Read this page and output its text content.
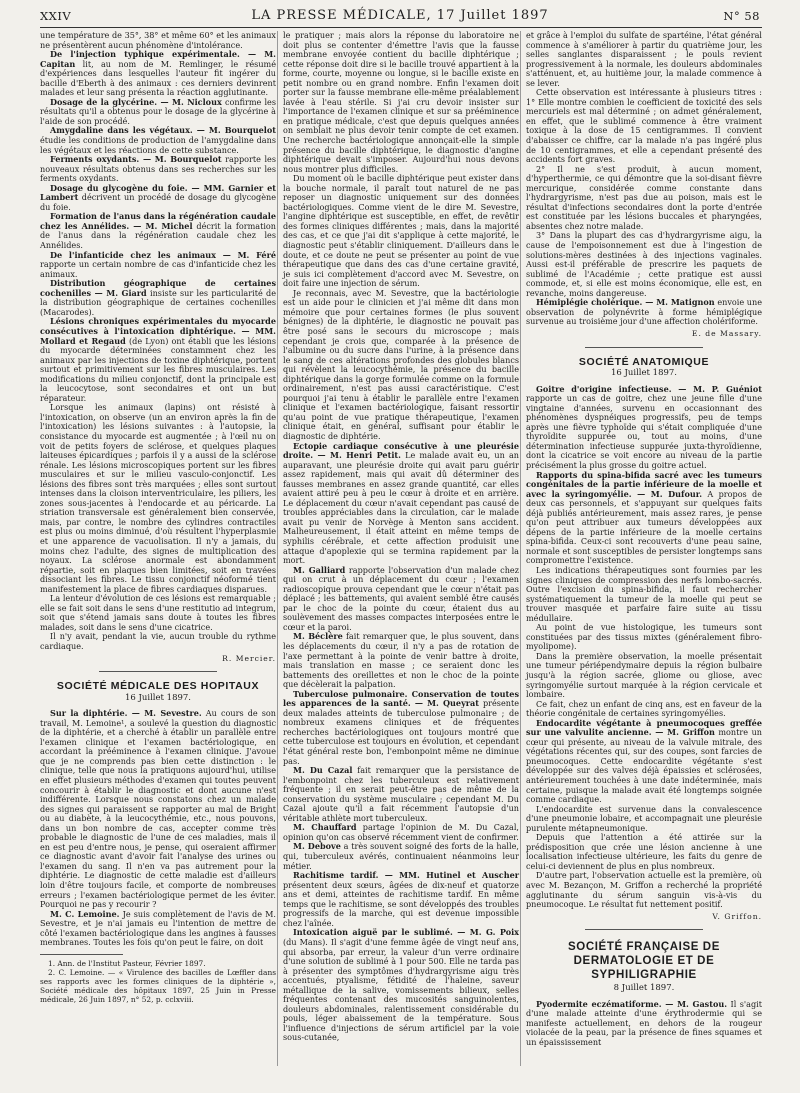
XXIV	LA PRESSE MÉDICALE, 17 Juillet 1897	N° 58

une température de 35°, 38° et même 60° et les animaux ne présentèrent aucun phénomène d'intolérance.

De l'injection typhique expérimentale. — M. Capitan lit, au nom de M. Remlinger, le résumé d'expériences dans lesquelles l'auteur fit ingérer du bacille d'Eberth à des animaux : ces derniers devinrent malades et leur sang présenta la réaction agglutinante.

Dosage de la glycérine. — M. Nicloux confirme les résultats qu'il a obtenus pour le dosage de la glycérine à l'aide de son procédé.

Amygdaline dans les végétaux. — M. Bourquelot étudie les conditions de production de l'amygdaline dans les végétaux et les réactions de cette substance.

Ferments oxydants. — M. Bourquelot rapporte les nouveaux résultats obtenus dans ses recherches sur les ferments oxydants.

Dosage du glycogène du foie. — MM. Garnier et Lambert décrivent un procédé de dosage du glycogène du foie.

Formation de l'anus dans la régénération caudale chez les Annélides. — M. Michel décrit la formation de l'anus dans la régénération caudale chez les Annélides.

De l'infanticide chez les animaux — M. Féré rapporte un certain nombre de cas d'infanticide chez les animaux.

Distribution géographique de certaines cochenilles — M. Giard insiste sur les particularité de la distribution géographique de certaines cochenilles (Macarodes).

Lésions chroniques expérimentales du myocarde consécutives à l'intoxication diphtérique. — MM. Mollard et Regaud (de Lyon) ont établi que les lésions du myocarde déterminées constamment chez les animaux par les injections de toxine diphtérique, portent surtout et primitivement sur les fibres musculaires. Les modifications du milieu conjonctif, dont la principale est la leucocytose, sont secondaires et ont un but réparateur.

Lorsque les animaux (lapins) ont résisté à l'intoxication, on observe (un an environ après la fin de l'intoxication) les lésions suivantes : à l'autopsie, la consistance du myocarde est augmentée ; à l'œil nu on voit de petits foyers de sclérose, et quelques plaques laiteuses épicardiques ; parfois il y a aussi de la sclérose rénale. Les lésions microscopiques portent sur les fibres musculaires et sur le milieu vasculo-conjonctif. Les lésions des fibres sont très marquées ; elles sont surtout intenses dans la cloison interventriculaire, les piliers, les zones sous-jacentes à l'endocarde et au péricarde. La striation transversale est généralement bien conservée, mais, par contre, le nombre des cylindres contractiles est plus ou moins diminué, d'où résultent l'hyperplasmie et une apparence de vacuolisation. Il n'y a jamais, du moins chez l'adulte, des signes de multiplication des noyaux. La sclérose anormale est abondamment répartie, soit en plaques bien limitées, soit en travées dissociant les fibres. Le tissu conjonctif néoformé tient manifestement la place de fibres cardiaques disparues.

La lenteur d'évolution de ces lésions est remarquable ; elle se fait soit dans le sens d'une restitutio ad integrum, soit que s'étend jamais sans doute à toutes les fibres malades, soit dans le sens d'une cicatrice.

Il n'y avait, pendant la vie, aucun trouble du rythme cardiaque.

R. Mercier.
SOCIÉTÉ MÉDICALE DES HOPITAUX
16 Juillet 1897.

Sur la diphtérie. — M. Sevestre. Au cours de son travail, M. Lemoine¹, a soulevé la question du diagnostic de la diphtérie, et a cherché à établir un parallèle entre l'examen clinique et l'examen bactériologique, en accordant la prééminence à l'examen clinique. J'avoue que je ne comprends pas bien cette distinction : le clinique, telle que nous la pratiquons aujourd'hui, utilise en effet plusieurs méthodes d'examen qui toutes peuvent concourir à établir le diagnostic et dont aucune n'est indifférente. Lorsque nous constatons chez un malade des signes qui paraissent se rapporter au mal de Bright ou au diabète, à la leucocythémie, etc., nous pouvons, dans un bon nombre de cas, accepter comme très probable le diagnostic de l'une de ces maladies, mais il en est peu d'entre nous, je pense, qui oseraient affirmer ce diagnostic avant d'avoir fait l'analyse des urines ou l'examen du sang. Il n'en va pas autrement pour la diphtérie. Le diagnostic de cette maladie est d'ailleurs loin d'être toujours facile, et comporte de nombreuses erreurs ; l'examen bactériologique permet de les éviter. Pourquoi ne pas y recourir ?

M. C. Lemoine. Je suis complètement de l'avis de M. Sevestre, et je n'ai jamais eu l'intention de mettre de côté l'examen bactériologique dans les angines à fausses membranes. Toutes les fois qu'on peut le faire, on doit

1. Ann. de l'Institut Pasteur, Février 1897.

2. C. Lemoine. — « Virulence des bacilles de Lœffler dans ses rapports avec les formes cliniques de la diphtérie », Société médicale des hôpitaux 1897, 25 Juin in Presse médicale, 26 Juin 1897, n° 52, p. cclxviii.

le pratiquer ; mais alors la réponse du laboratoire ne doit plus se contenter d'émettre l'avis que la fausse membrane envoyée contient du bacille diphtérique ; cette réponse doit dire si le bacille trouvé appartient à la forme, courte, moyenne ou longue, si le bacille existe en petit nombre ou en grand nombre. Enfin l'examen doit porter sur la fausse membrane elle-même préalablement lavée à l'eau stérile. Si j'ai cru devoir insister sur l'importance de l'examen clinique et sur sa prééminence en pratique médicale, c'est que depuis quelques années on semblait ne plus devoir tenir compte de cet examen. Une recherche bactériologique annonçait-elle la simple présence du bacille diphtérique, le diagnostic d'angine diphtérique devait s'imposer. Aujourd'hui nous devons nous montrer plus difficiles.

Du moment où le bacille diphtérique peut exister dans la bouche normale, il paraît tout naturel de ne pas reposer un diagnostic uniquement sur des données bactériologiques. Comme vient de le dire M. Sevestre, l'angine diphtérique est susceptible, en effet, de revêtir des formes cliniques différentes ; mais, dans la majorité des cas, et ce que j'ai dit s'applique à cette majorité, le diagnostic peut s'établir cliniquement. D'ailleurs dans le doute, et ce doute ne peut se présenter au point de vue thérapeutique que dans des cas d'une certaine gravité, je suis ici complètement d'accord avec M. Sevestre, on doit faire une injection de sérum.

Je reconnais, avec M. Sevestre, que la bactériologie est un aide pour le clinicien et j'ai même dit dans mon mémoire que pour certaines formes (le plus souvent bénignes) de la diphtérie, le diagnostic ne pouvait pas être posé sans le secours du microscope ; mais cependant je crois que, comparée à la présence de l'albumine ou du sucre dans l'urine, à la présence dans le sang de ces altérations profondes des globules blancs qui révèlent la leucocythémie, la présence du bacille diphtérique dans la gorge formulée comme on la formule ordinairement, n'est pas aussi caractéristique. C'est pourquoi j'ai tenu à établir le parallèle entre l'examen clinique et l'examen bactériologique, faisant ressortir qu'au point de vue pratique thérapeutique, l'examen clinique était, en général, suffisant pour établir le diagnostic de diphtérie.

Ectopie cardiaque consécutive à une pleurésie droite. — M. Henri Petit. Le malade avait eu, un an auparavant, une pleurésie droite qui avait paru guérir assez rapidement, mais qui avait dû déterminer des fausses membranes en assez grande quantité, car elles avaient attiré peu à peu le cœur à droite et en arrière. Le déplacement du cœur n'avait cependant pas causé de troubles appréciables dans la circulation, car le malade avait pu venir de Norvège à Menton sans accident. Malheureusement, il était atteint en même temps de syphilis cérébrale, et cette affection produisit une attaque d'apoplexie qui se termina rapidement par la mort.

M. Galliard rapporte l'observation d'un malade chez qui on crut à un déplacement du cœur ; l'examen radioscopique prouva cependant que le cœur n'était pas déplacé ; les battements, qui avaient semblé être causés par le choc de la pointe du cœur, étaient dus au soulèvement des masses compactes interposées entre le cœur et la paroi.

M. Béclère fait remarquer que, le plus souvent, dans les déplacements du cœur, il n'y a pas de rotation de l'axe permettant à la pointe de venir battre à droite, mais translation en masse ; ce seraient donc les battements des oreillettes et non le choc de la pointe que décèlerait la palpation.

Tuberculose pulmonaire. Conservation de toutes les apparences de la santé. — M. Queyrat présente deux malades atteints de tuberculose pulmonaire ; de nombreux examens cliniques et de fréquentes recherches bactériologiques ont toujours montré que cette tuberculose est toujours en évolution, et cependant l'état général reste bon, l'embonpoint même ne diminue pas.

M. Du Cazal fait remarquer que la persistance de l'embonpoint chez les tuberculeux est relativement fréquente ; il en serait peut-être pas de même de la conservation du système musculaire ; cependant M. Du Cazal ajoute qu'il a fait récemment l'autopsie d'un véritable athlète mort tuberculeux.

M. Chauffard partage l'opinion de M. Du Cazal, opinion qu'on cas observé récemment vient de confirmer.

M. Debove a très souvent soigné des forts de la halle, qui, tuberculeux avérés, continuaient néanmoins leur métier.

Rachitisme tardif. — MM. Hutinel et Auscher présentent deux sœurs, âgées de dix-neuf et quatorze ans et demi, atteintes de rachitisme tardif. En même temps que le rachitisme, se sont développés des troubles progressifs de la marche, qui est devenue impossible chez l'aînée.

Intoxication aiguë par le sublimé. — M. G. Poix (du Mans). Il s'agit d'une femme âgée de vingt neuf ans, qui absorba, par erreur, la valeur d'un verre ordinaire d'une solution de sublimé à 1 pour 500. Elle ne tarda pas à présenter des symptômes d'hydrargyrisme aigu très accentués, ptyalisme, fétidité de l'haleine, saveur métallique de la salive, vomissements bilieux, selles fréquentes contenant des mucosités sanguinolentes, douleurs abdominales, ralentissement considérable du pouls, léger abaissement de la température. Sous l'influence d'injections de sérum artificiel par la voie sous-cutanée,

et grâce à l'emploi du sulfate de spartéine, l'état général commence à s'améliorer à partir du quatrième jour, les selles sanglantes disparaissent ; le pouls revient progressivement à la normale, les douleurs abdominales s'atténuent, et, au huitième jour, la malade commence à se lever.

Cette observation est intéressante à plusieurs titres : 1° Elle montre combien le coefficient de toxicité des sels mercuriels est mal déterminé ; on admet généralement, en effet, que le sublimé commence à être vraiment toxique à la dose de 15 centigrammes. Il convient d'abaisser ce chiffre, car la malade n'a pas ingéré plus de 10 centigrammes, et elle a cependant présenté des accidents fort graves.

2° Il ne s'est produit, à aucun moment, d'hyperthermie, ce qui démontre que la soi-disant fièvre mercurique, considérée comme constante dans l'hydrargyrisme, n'est pas due au poison, mais est le résultat d'infections secondaires dont la porte d'entrée est constituée par les lésions buccales et pharyngées, absentes chez notre malade.

3° Dans la plupart des cas d'hydrargyrisme aigu, la cause de l'empoisonnement est due à l'ingestion de solutions-mères destinées à des injections vaginales. Aussi est-il préférable de prescrire les paquets de sublimé de l'Académie ; cette pratique est aussi commode, et, si elle est moins économique, elle est, en revanche, moins dangereuse.

Hémiplégie cholérique. — M. Matignon envoie une observation de polynévrite à forme hémiplégique survenue au troisième jour d'une affection cholériforme.

E. de Massary.
SOCIÉTÉ ANATOMIQUE
16 Juillet 1897.

Goitre d'origine infectieuse. — M. P. Guéniot rapporte un cas de goitre, chez une jeune fille d'une vingtaine d'années, survenu en occasionnant des phénomènes dyspnéiques progressifs, peu de temps après une fièvre typhoïde qui s'était compliquée d'une thyroïdite suppurée ou, tout au moins, d'une détermination infectieuse suppurée juxta-thyroïdienne, dont la cicatrice se voit encore au niveau de la partie précisément la plus grosse du goitre actuel.

Rapports du spina-bifida sacré avec les tumeurs congénitales de la partie inférieure de la moelle et avec la syringomyélie. — M. Dufour. A propos de deux cas personnels, et s'appuyant sur quelques faits déjà publiés antérieurement, mais assez rares, je pense qu'on peut attribuer aux tumeurs développées aux dépens de la partie inférieure de la moelle certains spina-bifida. Ceux-ci sont recouverts d'une peau saine, normale et sont susceptibles de persister longtemps sans compromettre l'existence.

Les indications thérapeutiques sont fournies par les signes cliniques de compression des nerfs lombo-sacrés. Outre l'excision du spina-bifida, il faut rechercher systématiquement la tumeur de la moelle qui peut se trouver masquée et parfaire faire suite au tissu médullaire.

Au point de vue histologique, les tumeurs sont constituées par des tissus mixtes (généralement fibro-myolipome).

Dans la première observation, la moelle présentait une tumeur périépendymaire depuis la région bulbaire jusqu'à la région sacrée, gliome ou gliose, avec syringomyélie surtout marquée à la région cervicale et lombaire.

Ce fait, chez un enfant de cinq ans, est en faveur de la théorie congénitale de certaines syringomyélies.

Endocardite végétante à pneumocoques greffée sur une valvulite ancienne. — M. Griffon montre un cœur qui présente, au niveau de la valvule mitrale, des végétations récentes qui, sur des coupes, sont farcies de pneumocoques. Cette endocardite végétante s'est développée sur des valves déjà épaissies et sclérosées, antérieurement touchées à une date indéterminée, mais certaine, puisque la malade avait été longtemps soignée comme cardiaque.

L'endocardite est survenue dans la convalescence d'une pneumonie lobaire, et accompagnait une pleurésie purulente métapneumonique.

Depuis que l'attention a été attirée sur la prédisposition que crée une lésion ancienne à une localisation infectieuse ultérieure, les faits du genre de celui-ci deviennent de plus en plus nombreux.

D'autre part, l'observation actuelle est la première, où avec M. Bezançon, M. Griffon a recherché la propriété agglutinante du sérum sanguin vis-à-vis du pneumocoque. Le résultat fut nettement positif.

V. Griffon.
SOCIÉTÉ FRANÇAISE DE DERMATOLOGIE ET DE SYPHILIGRAPHIE
8 Juillet 1897.

Pyodermite eczématiforme. — M. Gastou. Il s'agit d'une malade atteinte d'une érythrodermie qui se manifeste actuellement, en dehors de la rougeur violacée de la peau, par la présence de fines squames et un épaississement
